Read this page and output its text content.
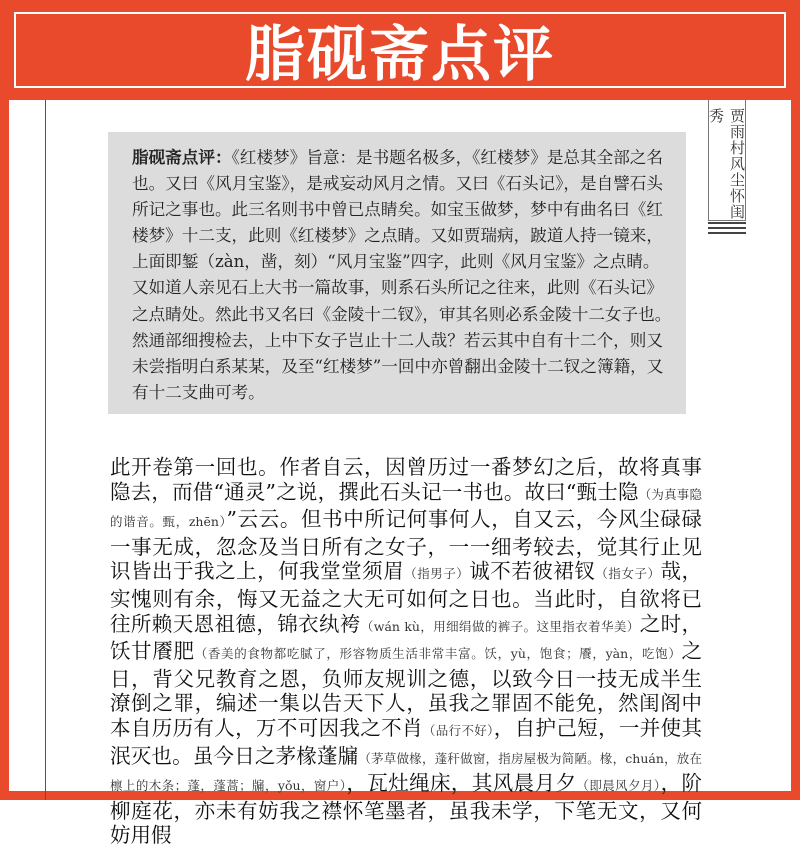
脂砚斋点评
贾雨村风尘怀闺秀
脂砚斋点评：《红楼梦》旨意：是书题名极多，《红楼梦》是总其全部之名也。又曰《风月宝鉴》，是戒妄动风月之情。又曰《石头记》，是自譬石头所记之事也。此三名则书中曾已点睛矣。如宝玉做梦，梦中有曲名曰《红楼梦》十二支，此则《红楼梦》之点睛。又如贾瑞病，跛道人持一镜来，上面即錾（zàn，凿，刻）“风月宝鉴”四字，此则《风月宝鉴》之点睛。又如道人亲见石上大书一篇故事，则系石头所记之往来，此则《石头记》之点睛处。然此书又名曰《金陵十二钗》，审其名则必系金陵十二女子也。然通部细搜检去，上中下女子岂止十二人哉？若云其中自有十二个，则又未尝指明白系某某，及至“红楼梦”一回中亦曾翻出金陵十二钗之簿籍，又有十二支曲可考。
此开卷第一回也。作者自云，因曾历过一番梦幻之后，故将真事隐去，而借“通灵”之说，撰此石头记一书也。故曰“甄士隐（为真事隐的谐音。甄，zhēn）”云云。但书中所记何事何人，自又云，今风尘碌碌一事无成，忽念及当日所有之女子，一一细考较去，觉其行止见识皆出于我之上，何我堂堂须眉（指男子）诚不若彼裙钗（指女子）哉，实愧则有余，悔又无益之大无可如何之日也。当此时，自欲将已往所赖天恩祖德，锦衣纨袴（wán kù，用细绢做的裤子。这里指衣着华美）之时，饫甘餍肥（香美的食物都吃腻了，形容物质生活非常丰富。饫，yù，饱食；餍，yàn，吃饱）之日，背父兄教育之恩，负师友规训之德，以致今日一技无成半生潦倒之罪，编述一集以告天下人，虽我之罪固不能免，然闺阁中本自历历有人，万不可因我之不肖（品行不好），自护己短，一并使其泯灭也。虽今日之茅椽蓬牖（茅草做椽，蓬秆做窗，指房屋极为简陋。椽，chuán，放在檩上的木条；蓬，蓬蒿；牖，yǒu，窗户），瓦灶绳床，其风晨月夕（即晨风夕月），阶柳庭花，亦未有妨我之襟怀笔墨者，虽我未学，下笔无文，又何妨用假
